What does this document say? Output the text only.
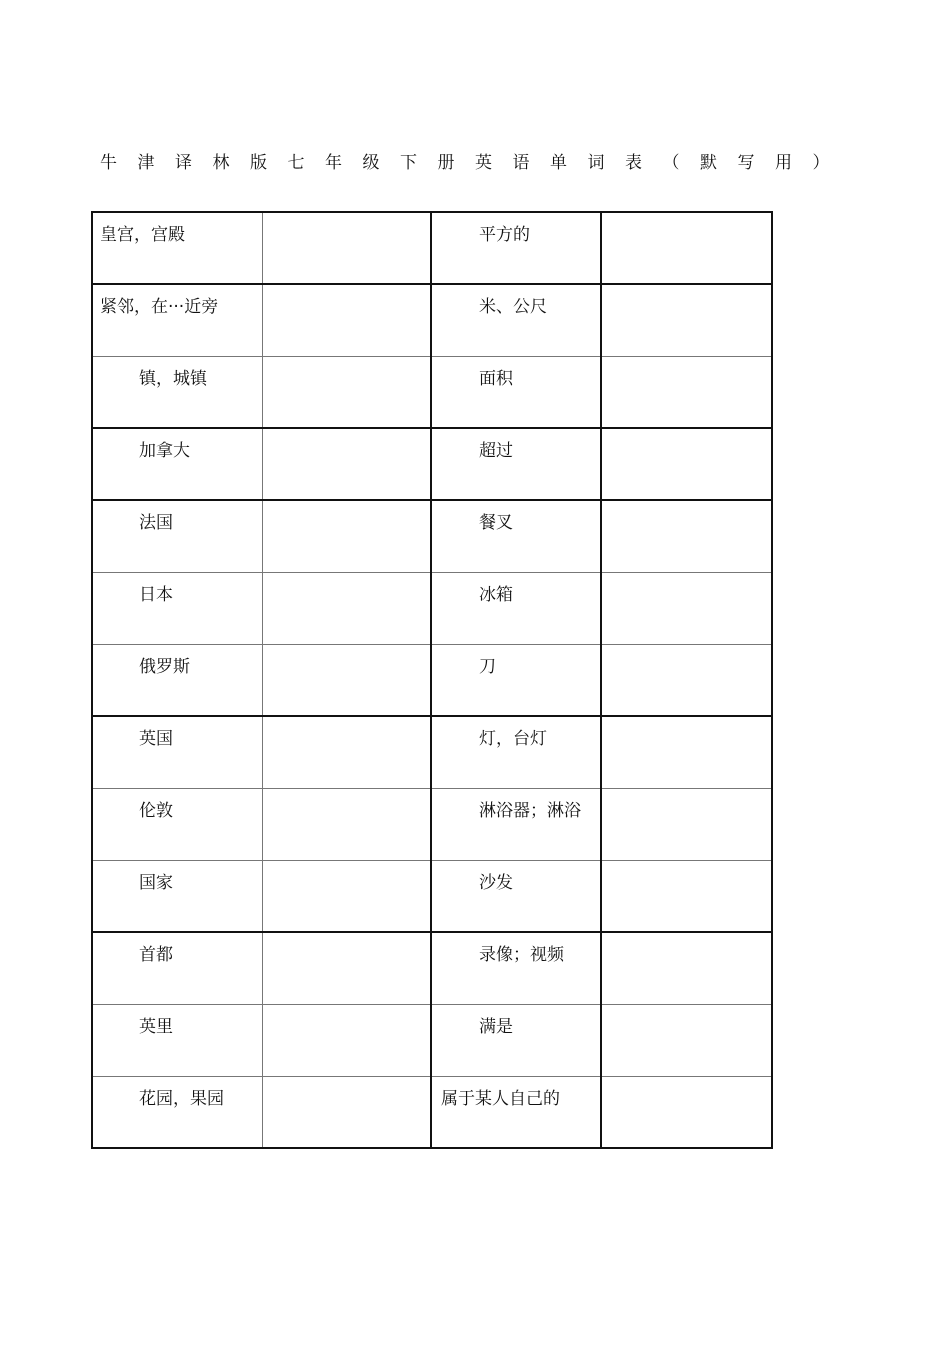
牛津译林版七年级下册英语单词表（默写用）
皇宫，宫殿		平方的	
紧邻，在···近旁		米、公尺	
镇，城镇		面积	
加拿大		超过	
法国		餐叉	
日本		冰箱	
俄罗斯		刀	
英国		灯，台灯	
伦敦		淋浴器；淋浴	
国家		沙发	
首都		录像；视频	
英里		满是	
花园，果园		属于某人自己的	
